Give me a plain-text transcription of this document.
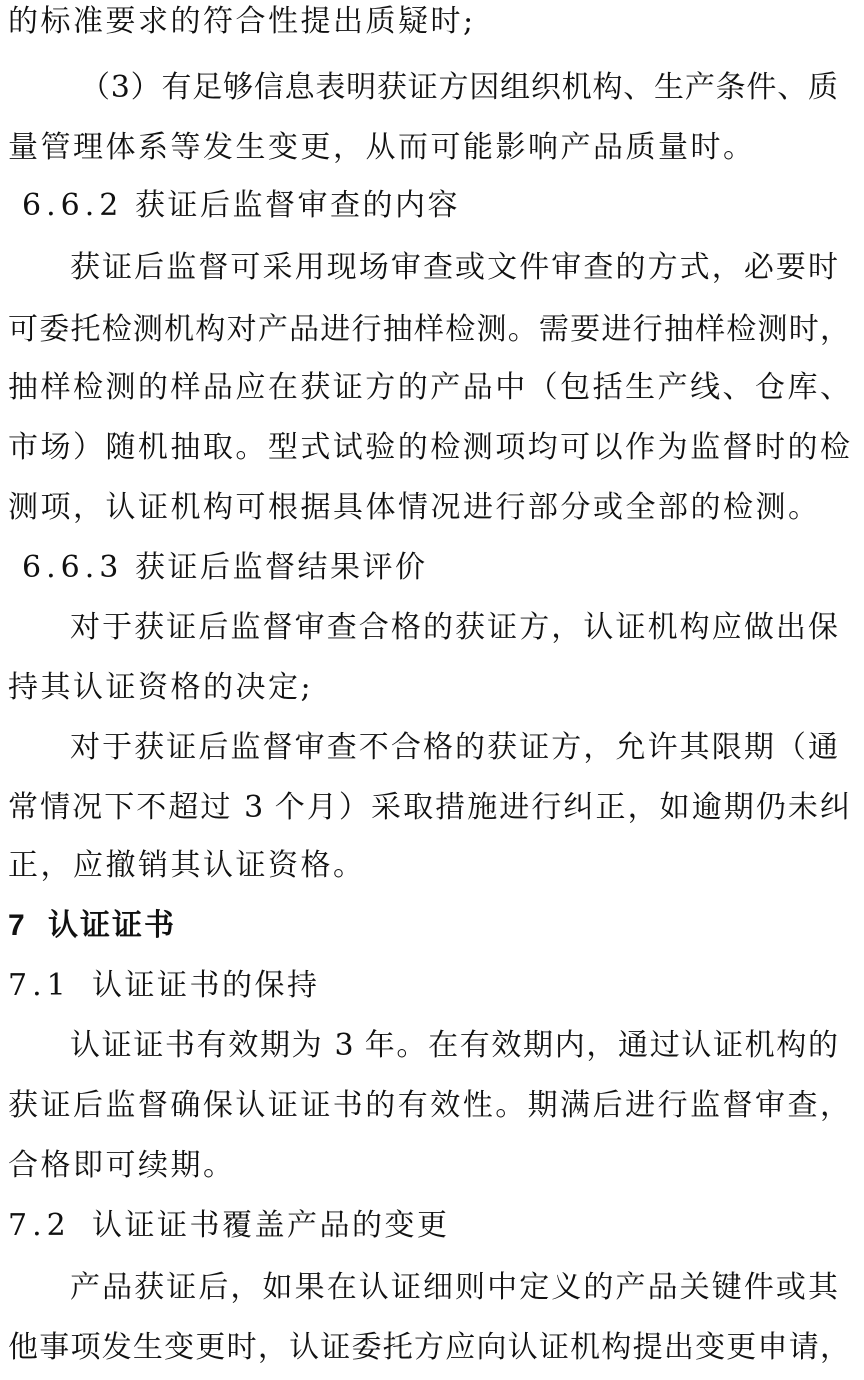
的标准要求的符合性提出质疑时;
（3）有足够信息表明获证方因组织机构、生产条件、质
量管理体系等发生变更，从而可能影响产品质量时。
6.6.2 获证后监督审查的内容
获证后监督可采用现场审查或文件审查的方式，必要时
可委托检测机构对产品进行抽样检测。需要进行抽样检测时，
抽样检测的样品应在获证方的产品中（包括生产线、仓库、
市场）随机抽取。型式试验的检测项均可以作为监督时的检
测项，认证机构可根据具体情况进行部分或全部的检测。
6.6.3 获证后监督结果评价
对于获证后监督审查合格的获证方，认证机构应做出保
持其认证资格的决定;
对于获证后监督审查不合格的获证方，允许其限期（通
常情况下不超过 3 个月）采取措施进行纠正，如逾期仍未纠
正，应撤销其认证资格。
7 认证证书
7.1 认证证书的保持
认证证书有效期为 3 年。在有效期内，通过认证机构的
获证后监督确保认证证书的有效性。期满后进行监督审查，
合格即可续期。
7.2 认证证书覆盖产品的变更
产品获证后，如果在认证细则中定义的产品关键件或其
他事项发生变更时，认证委托方应向认证机构提出变更申请，
